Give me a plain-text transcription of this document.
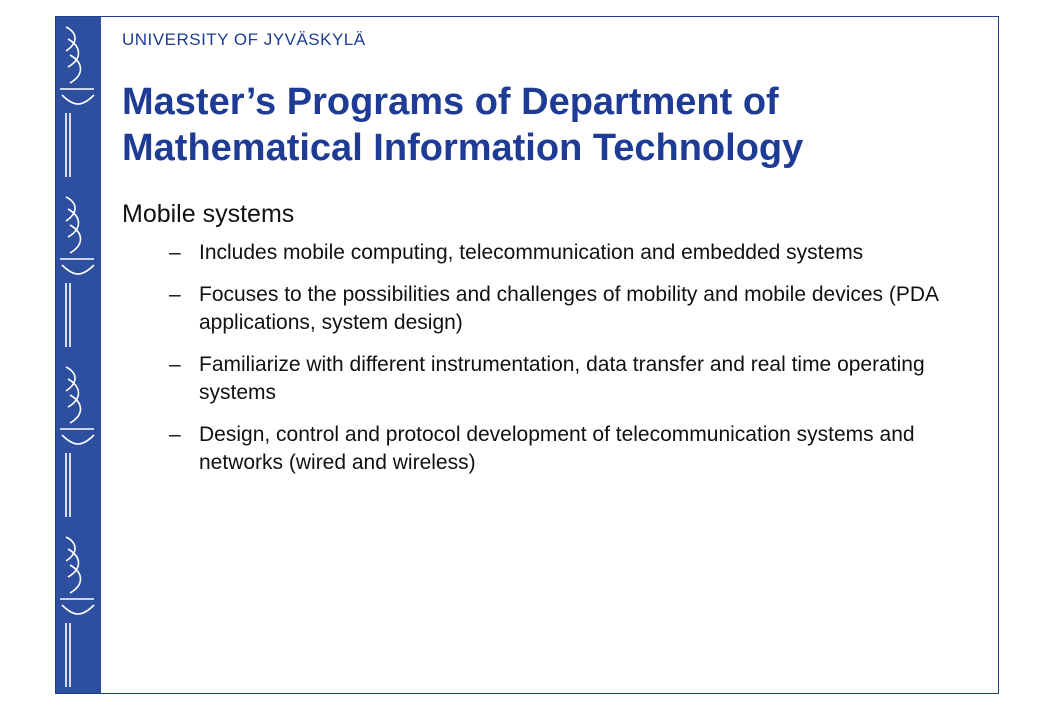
UNIVERSITY OF JYVÄSKYLÄ
Master’s Programs of Department of Mathematical Information Technology
Mobile systems
– Includes mobile computing, telecommunication and embedded systems
– Focuses to the possibilities and challenges of mobility and mobile devices (PDA applications, system design)
– Familiarize with different instrumentation, data transfer and real time operating systems
– Design, control and protocol development of telecommunication systems and networks (wired and wireless)
